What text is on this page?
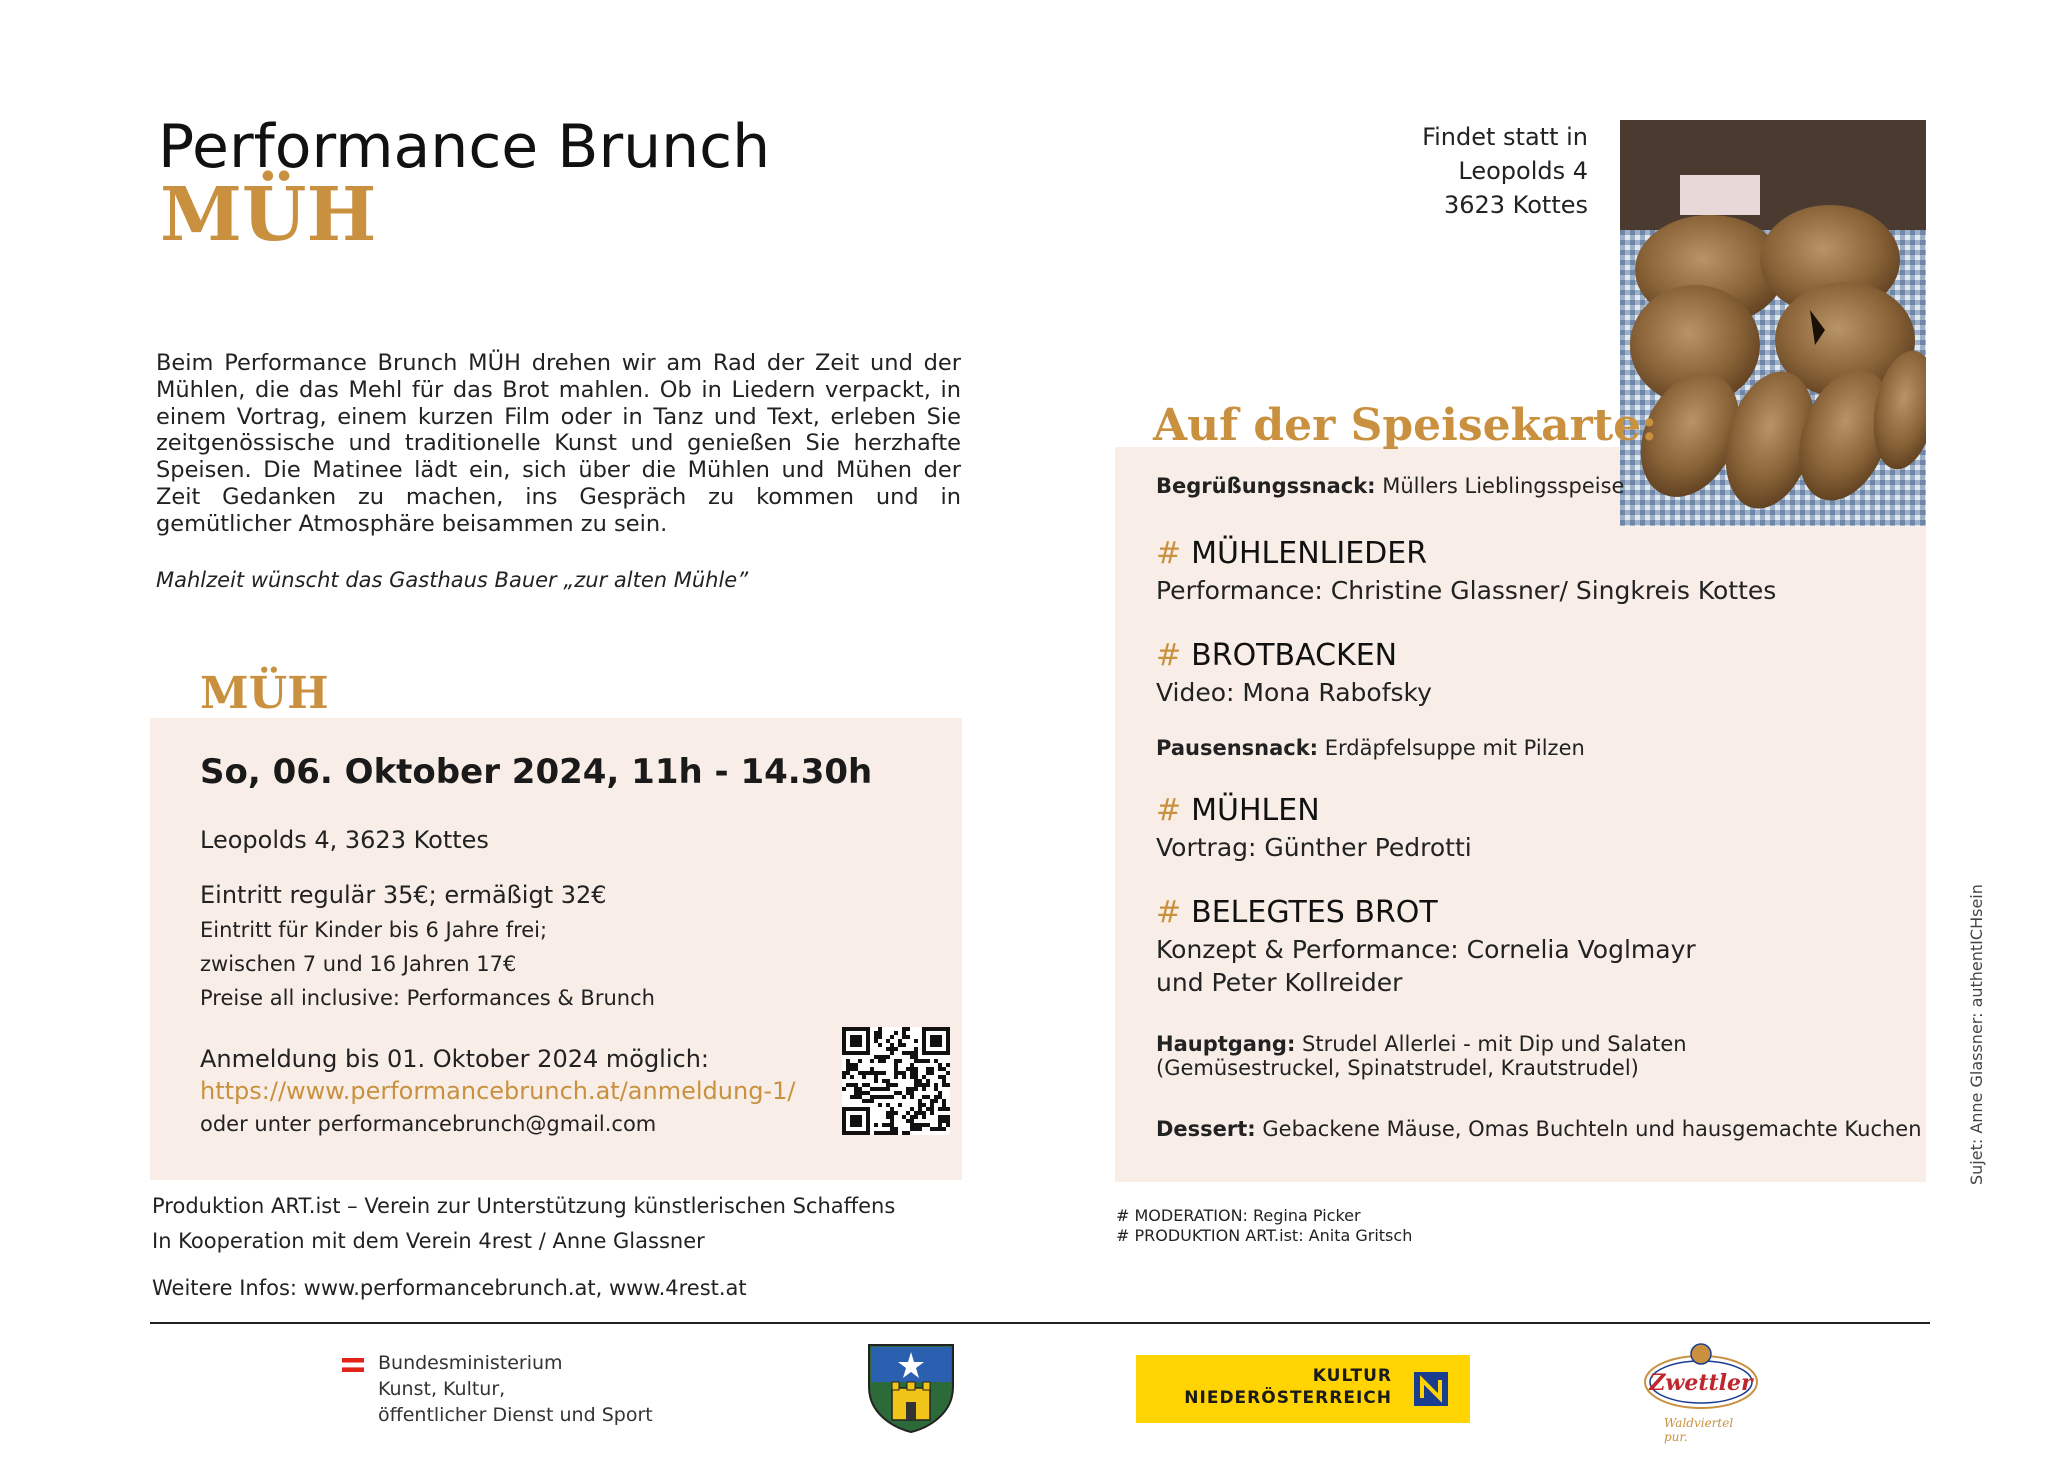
Performance Brunch
MÜH
Beim Performance Brunch MÜH drehen wir am Rad der Zeit und der Mühlen, die das Mehl für das Brot mahlen. Ob in Liedern verpackt, in einem Vortrag, einem kurzen Film oder in Tanz und Text, erleben Sie zeitgenössische und traditionelle Kunst und genießen Sie herzhafte Speisen. Die Matinee lädt ein, sich über die Mühlen und Mühen der Zeit Gedanken zu machen, ins Gespräch zu kommen und in gemütlicher Atmosphäre beisammen zu sein.
Mahlzeit wünscht das Gasthaus Bauer „zur alten Mühle”
MÜH
So, 06. Oktober 2024, 11h - 14.30h
Leopolds 4, 3623 Kottes
Eintritt regulär 35€; ermäßigt 32€
Eintritt für Kinder bis 6 Jahre frei;
zwischen 7 und 16 Jahren 17€
Preise all inclusive: Performances & Brunch
Anmeldung bis 01. Oktober 2024 möglich:
https://www.performancebrunch.at/anmeldung-1/
oder unter performancebrunch@gmail.com
Produktion ART.ist – Verein zur Unterstützung künstlerischen Schaffens
In Kooperation mit dem Verein 4rest / Anne Glassner
Weitere Infos: www.performancebrunch.at, www.4rest.at
Findet statt in
Leopolds 4
3623 Kottes
Auf der Speisekarte:
Begrüßungssnack: Müllers Lieblingsspeise
# MÜHLENLIEDER
Performance: Christine Glassner/ Singkreis Kottes
# BROTBACKEN
Video: Mona Rabofsky
Pausensnack: Erdäpfelsuppe mit Pilzen
# MÜHLEN
Vortrag: Günther Pedrotti
# BELEGTES BROT
Konzept & Performance: Cornelia Voglmayr
und Peter Kollreider
Hauptgang: Strudel Allerlei - mit Dip und Salaten
(Gemüsestruckel, Spinatstrudel, Krautstrudel)
Dessert: Gebackene Mäuse, Omas Buchteln und hausgemachte Kuchen
# MODERATION: Regina Picker
# PRODUKTION ART.ist: Anita Gritsch
Sujet: Anne Glassner: authentICHsein
Bundesministerium
Kunst, Kultur,
öffentlicher Dienst und Sport
KULTUR
NIEDERÖSTERREICH
Zwettler
Waldviertel pur.
